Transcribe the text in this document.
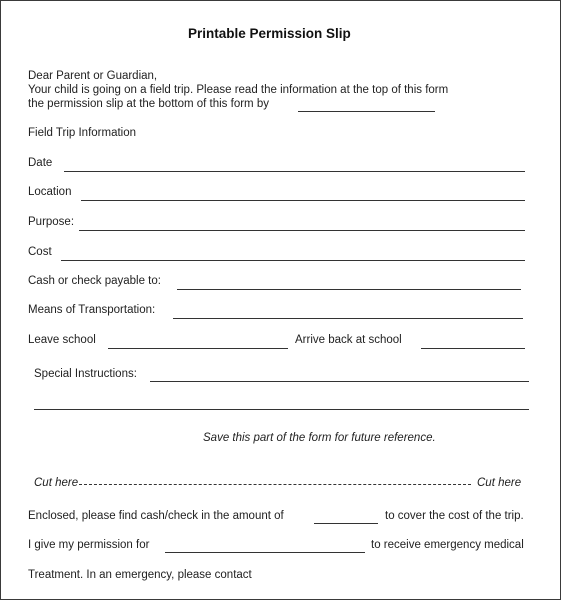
Printable Permission Slip
Dear Parent or Guardian,
Your child is going on a field trip. Please read the information at the top of this form
the permission slip at the bottom of this form by
Field Trip Information
Date
Location
Purpose:
Cost
Cash or check payable to:
Means of Transportation:
Leave school	Arrive back at school
Special Instructions:
Save this part of the form for future reference.
Cut here	Cut here
Enclosed, please find cash/check in the amount of	to cover the cost of the trip.
I give my permission for	to receive emergency medical
Treatment. In an emergency, please contact
